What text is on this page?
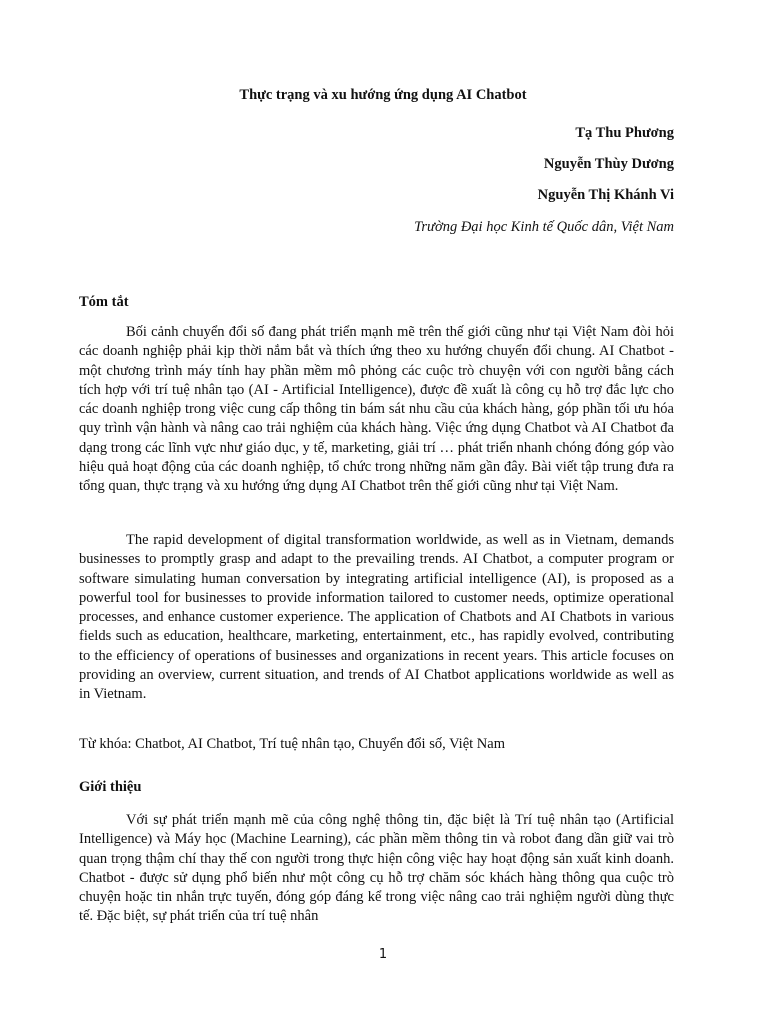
Thực trạng và xu hướng ứng dụng AI Chatbot
Tạ Thu Phương
Nguyễn Thùy Dương
Nguyễn Thị Khánh Vi
Trường Đại học Kinh tế Quốc dân, Việt Nam
Tóm tắt

Bối cảnh chuyển đổi số đang phát triển mạnh mẽ trên thế giới cũng như tại Việt Nam đòi hỏi các doanh nghiệp phải kịp thời nắm bắt và thích ứng theo xu hướng chuyển đổi chung. AI Chatbot - một chương trình máy tính hay phần mềm mô phỏng các cuộc trò chuyện với con người bằng cách tích hợp với trí tuệ nhân tạo (AI - Artificial Intelligence), được đề xuất là công cụ hỗ trợ đắc lực cho các doanh nghiệp trong việc cung cấp thông tin bám sát nhu cầu của khách hàng, góp phần tối ưu hóa quy trình vận hành và nâng cao trải nghiệm của khách hàng. Việc ứng dụng Chatbot và AI Chatbot đa dạng trong các lĩnh vực như giáo dục, y tế, marketing, giải trí … phát triển nhanh chóng đóng góp vào hiệu quả hoạt động của các doanh nghiệp, tổ chức trong những năm gần đây. Bài viết tập trung đưa ra tổng quan, thực trạng và xu hướng ứng dụng AI Chatbot trên thế giới cũng như tại Việt Nam.

The rapid development of digital transformation worldwide, as well as in Vietnam, demands businesses to promptly grasp and adapt to the prevailing trends. AI Chatbot, a computer program or software simulating human conversation by integrating artificial intelligence (AI), is proposed as a powerful tool for businesses to provide information tailored to customer needs, optimize operational processes, and enhance customer experience. The application of Chatbots and AI Chatbots in various fields such as education, healthcare, marketing, entertainment, etc., has rapidly evolved, contributing to the efficiency of operations of businesses and organizations in recent years. This article focuses on providing an overview, current situation, and trends of AI Chatbot applications worldwide as well as in Vietnam.

Từ khóa: Chatbot, AI Chatbot, Trí tuệ nhân tạo, Chuyển đổi số, Việt Nam
Giới thiệu

Với sự phát triển mạnh mẽ của công nghệ thông tin, đặc biệt là Trí tuệ nhân tạo (Artificial Intelligence) và Máy học (Machine Learning), các phần mềm thông tin và robot đang dần giữ vai trò quan trọng thậm chí thay thế con người trong thực hiện công việc hay hoạt động sản xuất kinh doanh. Chatbot - được sử dụng phổ biến như một công cụ hỗ trợ chăm sóc khách hàng thông qua cuộc trò chuyện hoặc tin nhắn trực tuyến, đóng góp đáng kể trong việc nâng cao trải nghiệm người dùng thực tế. Đặc biệt, sự phát triển của trí tuệ nhân

1
